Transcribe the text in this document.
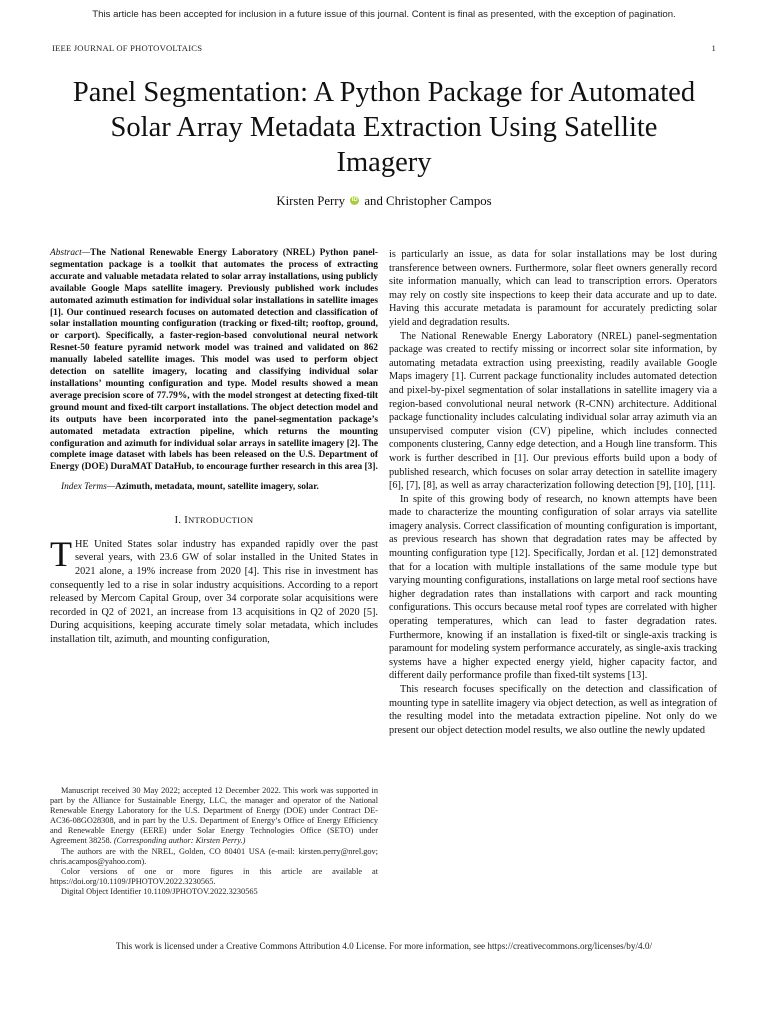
This article has been accepted for inclusion in a future issue of this journal. Content is final as presented, with the exception of pagination.
IEEE JOURNAL OF PHOTOVOLTAICS	1
Panel Segmentation: A Python Package for Automated Solar Array Metadata Extraction Using Satellite Imagery
Kirsten Perry iD and Christopher Campos

Abstract—The National Renewable Energy Laboratory (NREL) Python panel-segmentation package is a toolkit that automates the process of extracting accurate and valuable metadata related to solar array installations, using publicly available Google Maps satellite imagery. Previously published work includes automated azimuth estimation for individual solar installations in satellite images [1]. Our continued research focuses on automated detection and classification of solar installation mounting configuration (tracking or fixed-tilt; rooftop, ground, or carport). Specifically, a faster-region-based convolutional neural network Resnet-50 feature pyramid network model was trained and validated on 862 manually labeled satellite images. This model was used to perform object detection on satellite imagery, locating and classifying individual solar installations’ mounting configuration and type. Model results showed a mean average precision score of 77.79%, with the model strongest at detecting fixed-tilt ground mount and fixed-tilt carport installations. The object detection model and its outputs have been incorporated into the panel-segmentation package’s automated metadata extraction pipeline, which returns the mounting configuration and azimuth for individual solar arrays in satellite imagery [2]. The complete image dataset with labels has been released on the U.S. Department of Energy (DOE) DuraMAT DataHub, to encourage further research in this area [3].

Index Terms—Azimuth, metadata, mount, satellite imagery, solar.

I. INTRODUCTION

THE United States solar industry has expanded rapidly over the past several years, with 23.6 GW of solar installed in the United States in 2021 alone, a 19% increase from 2020 [4]. This rise in investment has consequently led to a rise in solar industry acquisitions. According to a report released by Mercom Capital Group, over 34 corporate solar acquisitions were recorded in Q2 of 2021, an increase from 13 acquisitions in Q2 of 2020 [5]. During acquisitions, keeping accurate timely solar metadata, which includes installation tilt, azimuth, and mounting configuration,

is particularly an issue, as data for solar installations may be lost during transference between owners. Furthermore, solar fleet owners generally record site information manually, which can lead to transcription errors. Operators may rely on costly site inspections to keep their data accurate and up to date. Having this accurate metadata is paramount for accurately predicting solar yield and degradation results.

The National Renewable Energy Laboratory (NREL) panel-segmentation package was created to rectify missing or incorrect solar site information, by automating metadata extraction using preexisting, readily available Google Maps imagery [1]. Current package functionality includes automated detection and pixel-by-pixel segmentation of solar installations in satellite imagery via a region-based convolutional neural network (R-CNN) architecture. Additional package functionality includes calculating individual solar array azimuth via an unsupervised computer vision (CV) pipeline, which includes connected components clustering, Canny edge detection, and a Hough line transform. This work is further described in [1]. Our previous efforts build upon a body of published research, which focuses on solar array detection in satellite imagery [6], [7], [8], as well as array characterization following detection [9], [10], [11].

In spite of this growing body of research, no known attempts have been made to characterize the mounting configuration of solar arrays via satellite imagery analysis. Correct classification of mounting configuration is important, as previous research has shown that degradation rates may be affected by mounting configuration type [12]. Specifically, Jordan et al. [12] demonstrated that for a location with multiple installations of the same module type but varying mounting configurations, installations on large metal roof sections have higher degradation rates than installations with carport and rack mounting configurations. This occurs because metal roof types are correlated with higher operating temperatures, which can lead to faster degradation rates. Furthermore, knowing if an installation is fixed-tilt or single-axis tracking is paramount for modeling system performance accurately, as single-axis tracking systems have a higher expected energy yield, higher capacity factor, and different daily performance profile than fixed-tilt systems [13].

This research focuses specifically on the detection and classification of mounting type in satellite imagery via object detection, as well as integration of the resulting model into the metadata extraction pipeline. Not only do we present our object detection model results, we also outline the newly updated

Manuscript received 30 May 2022; accepted 12 December 2022. This work was supported in part by the Alliance for Sustainable Energy, LLC, the manager and operator of the National Renewable Energy Laboratory for the U.S. Department of Energy (DOE) under Contract DE-AC36-08GO28308, and in part by the U.S. Department of Energy’s Office of Energy Efficiency and Renewable Energy (EERE) under Solar Energy Technologies Office (SETO) under Agreement 38258. (Corresponding author: Kirsten Perry.)

The authors are with the NREL, Golden, CO 80401 USA (e-mail: kirsten.perry@nrel.gov; chris.acampos@yahoo.com).

Color versions of one or more figures in this article are available at https://doi.org/10.1109/JPHOTOV.2022.3230565.

Digital Object Identifier 10.1109/JPHOTOV.2022.3230565

This work is licensed under a Creative Commons Attribution 4.0 License. For more information, see https://creativecommons.org/licenses/by/4.0/
